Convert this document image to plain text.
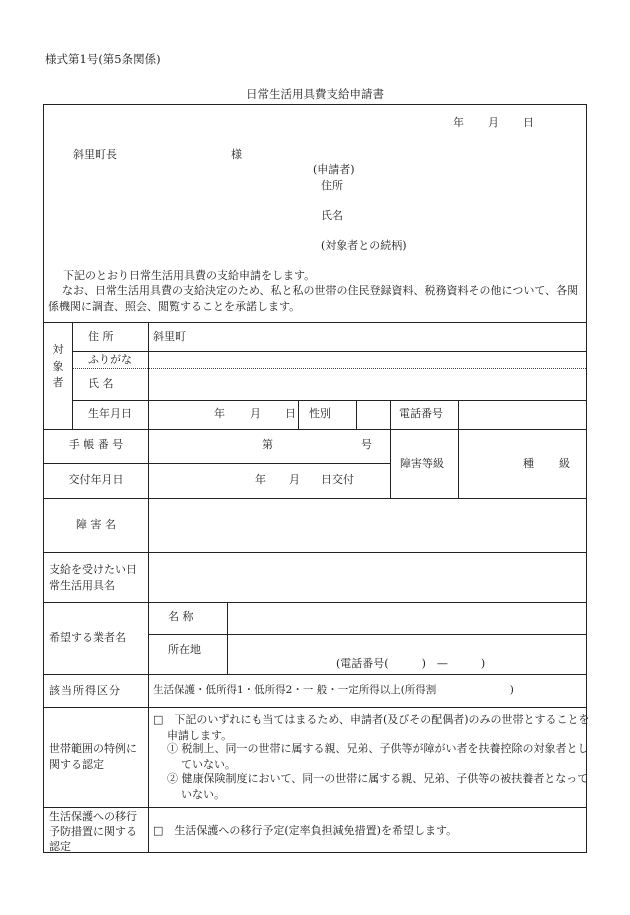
様式第1号(第5条関係)
日常生活用具費支給申請書
年 月 日
斜里町長	様
(申請者)
住所
氏名
(対象者との続柄)
下記のとおり日常生活用具費の支給申請をします。
なお、日常生活用具費の支給決定のため、私と私の世帯の住民登録資料、税務資料その他について、各関係機関に調査、照会、閲覧することを承諾します。
対象者
住 所	斜里町
ふりがな
氏 名
生年月日	年 月 日 性別	電話番号
手 帳 番 号	第	号
交付年月日	年 月 日交付
障害等級	種 級
障 害 名
支給を受けたい日常生活用具名
希望する業者名
名 称
所在地
(電話番号(　　　)　—　　　)
該当所得区分	生活保護・低所得1・低所得2・一 般・一定所得以上(所得割　　　　　　　)
世帯範囲の特例に関する認定
□　下記のいずれにも当てはまるため、申請者(及びその配偶者)のみの世帯とすることを申請します。
① 税制上、同一の世帯に属する親、兄弟、子供等が障がい者を扶養控除の対象者としていない。
② 健康保険制度において、同一の世帯に属する親、兄弟、子供等の被扶養者となっていない。
生活保護への移行予防措置に関する認定
□　生活保護への移行予定(定率負担減免措置)を希望します。
